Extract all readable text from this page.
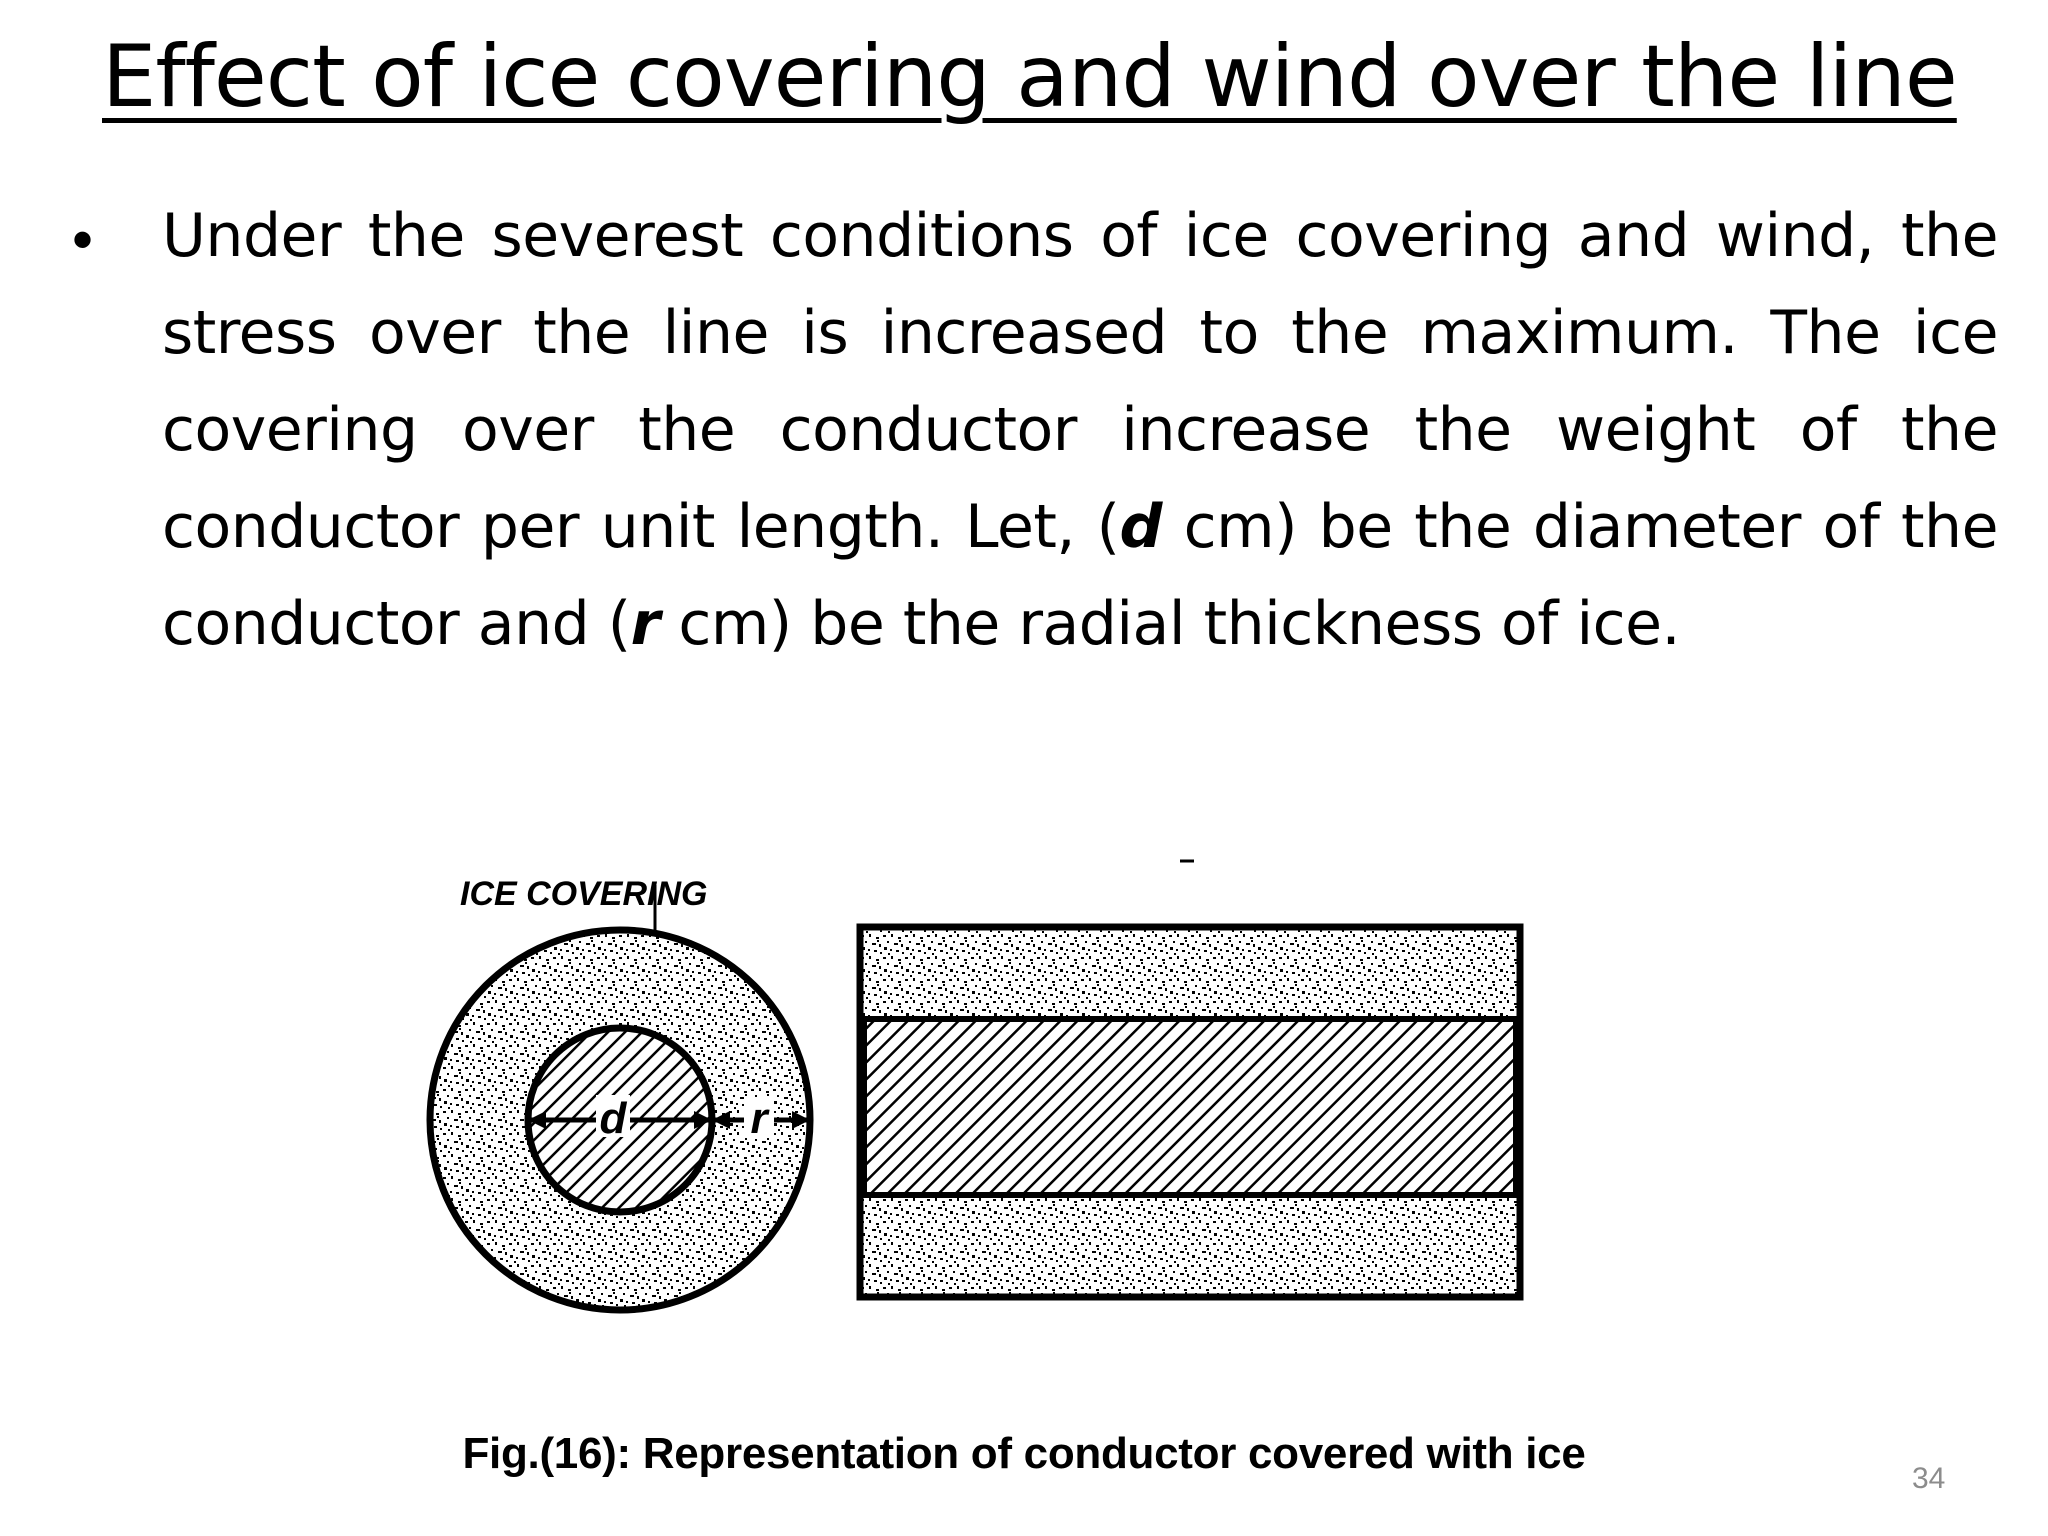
Effect of ice covering and wind over the line
• Under the severest conditions of ice covering and wind, the stress over the line is increased to the maximum. The ice covering over the conductor increase the weight of the conductor per unit length. Let, (d cm) be the diameter of the conductor and (r cm) be the radial thickness of ice.

ICE COVERING
d	r
Fig.(16): Representation of conductor covered with ice
34
